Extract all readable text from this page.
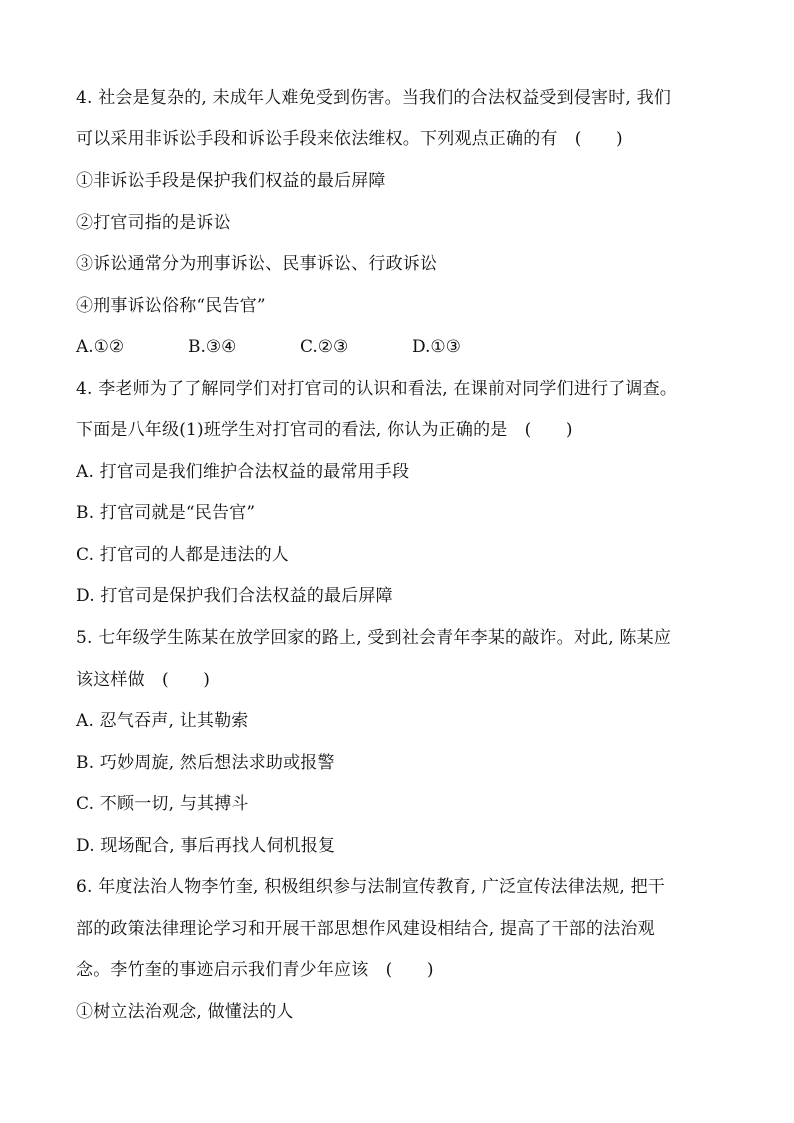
4. 社会是复杂的, 未成年人难免受到伤害。当我们的合法权益受到侵害时, 我们
可以采用非诉讼手段和诉讼手段来依法维权。下列观点正确的有　(　　)
①非诉讼手段是保护我们权益的最后屏障
②打官司指的是诉讼
③诉讼通常分为刑事诉讼、民事诉讼、行政诉讼
④刑事诉讼俗称“民告官”
A.①②	B.③④	C.②③	D.①③
4. 李老师为了了解同学们对打官司的认识和看法, 在课前对同学们进行了调查。
下面是八年级(1)班学生对打官司的看法, 你认为正确的是　(　　)
A. 打官司是我们维护合法权益的最常用手段
B. 打官司就是“民告官”
C. 打官司的人都是违法的人
D. 打官司是保护我们合法权益的最后屏障
5. 七年级学生陈某在放学回家的路上, 受到社会青年李某的敲诈。对此, 陈某应
该这样做　(　　)
A. 忍气吞声, 让其勒索
B. 巧妙周旋, 然后想法求助或报警
C. 不顾一切, 与其搏斗
D. 现场配合, 事后再找人伺机报复
6. 年度法治人物李竹奎, 积极组织参与法制宣传教育, 广泛宣传法律法规, 把干
部的政策法律理论学习和开展干部思想作风建设相结合, 提高了干部的法治观
念。李竹奎的事迹启示我们青少年应该　(　　)
①树立法治观念, 做懂法的人
